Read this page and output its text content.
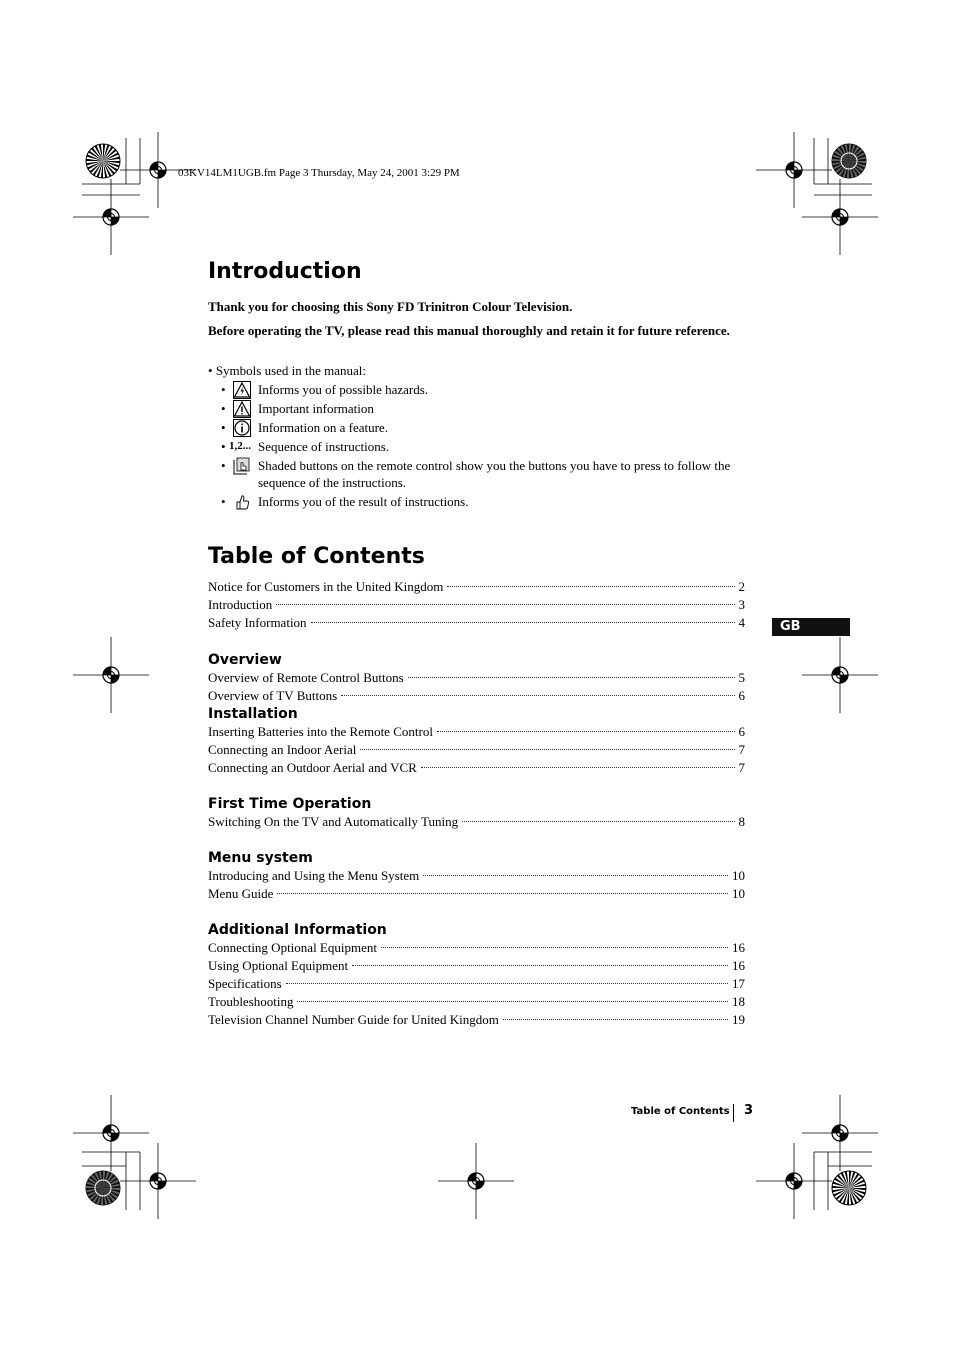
03KV14LM1UGB.fm Page 3 Thursday, May 24, 2001 3:29 PM
Introduction

Thank you for choosing this Sony FD Trinitron Colour Television.

Before operating the TV, please read this manual thoroughly and retain it for future reference.

• Symbols used in the manual:
• Informs you of possible hazards.
• Important information
• Information on a feature.
• 1,2... Sequence of instructions.
• Shaded buttons on the remote control show you the buttons you have to press to follow the sequence of the instructions.
• Informs you of the result of instructions.
Table of Contents
GB
Notice for Customers in the United Kingdom	2
Introduction	3
Safety Information	4
Overview
Overview of Remote Control Buttons	5
Overview of TV Buttons	6
Installation
Inserting Batteries into the Remote Control	6
Connecting an Indoor Aerial	7
Connecting an Outdoor Aerial and VCR	7
First Time Operation
Switching On the TV and Automatically Tuning	8
Menu system
Introducing and Using the Menu System	10
Menu Guide	10
Additional Information
Connecting Optional Equipment	16
Using Optional Equipment	16
Specifications	17
Troubleshooting	18
Television Channel Number Guide for United Kingdom	19
Table of Contents 3
